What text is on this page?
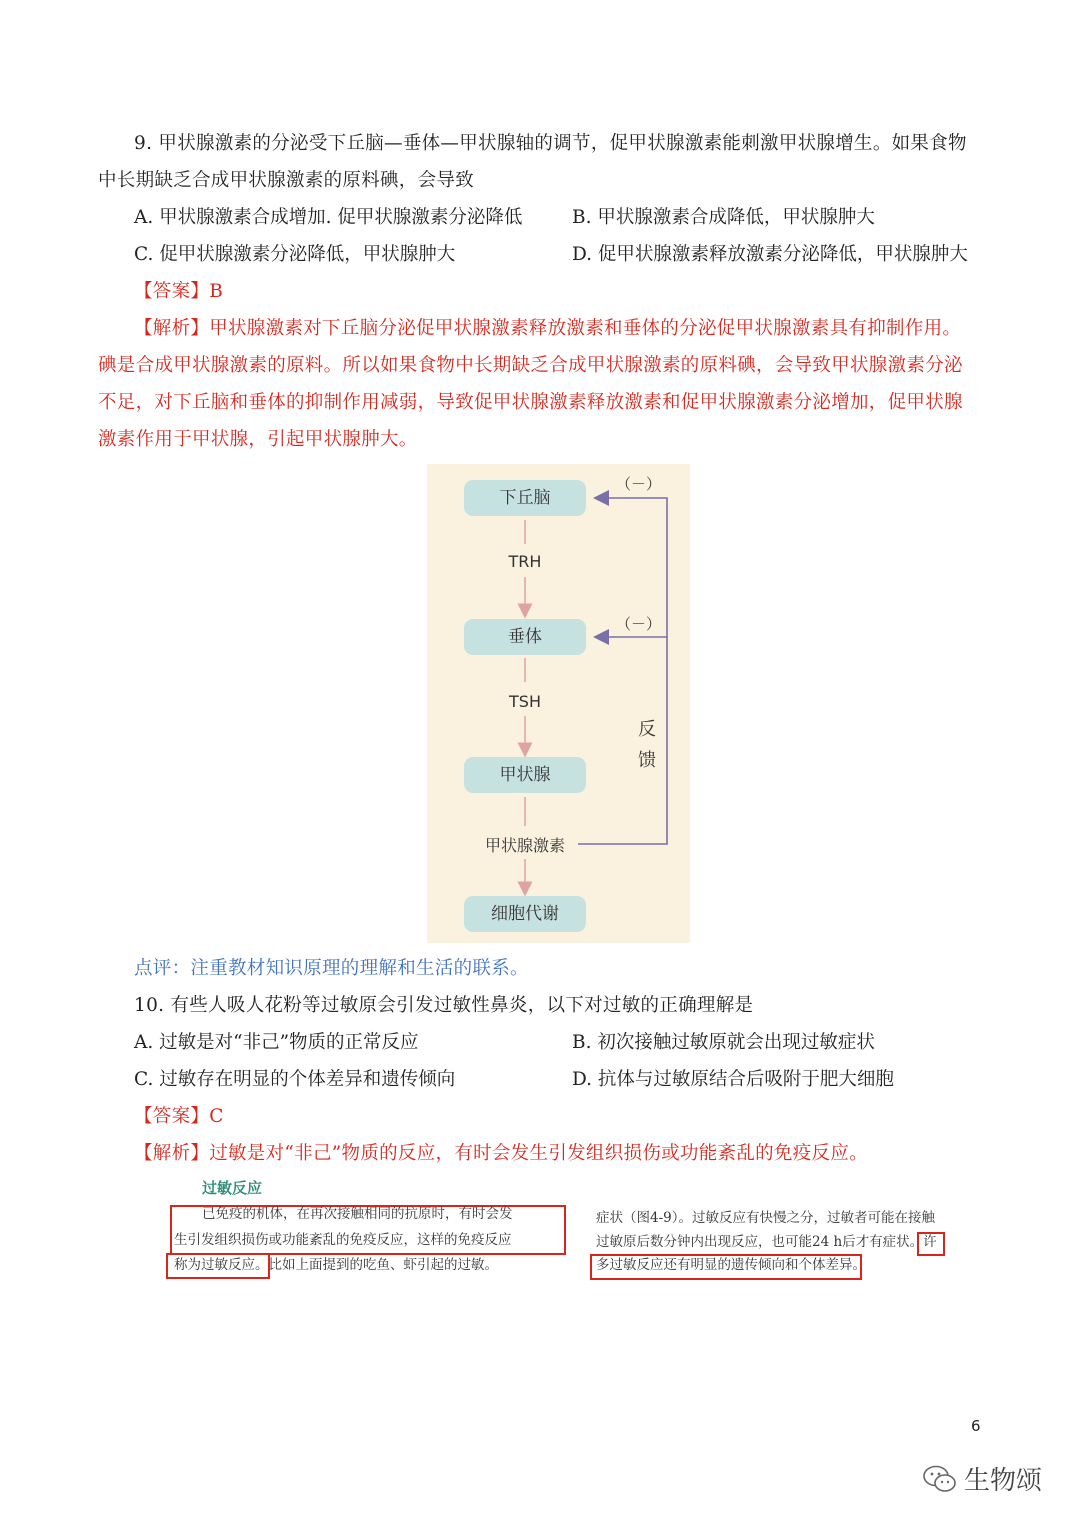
9. 甲状腺激素的分泌受下丘脑—垂体—甲状腺轴的调节，促甲状腺激素能刺激甲状腺增生。如果食物
中长期缺乏合成甲状腺激素的原料碘，会导致
A. 甲状腺激素合成增加. 促甲状腺激素分泌降低	B. 甲状腺激素合成降低，甲状腺肿大
C. 促甲状腺激素分泌降低，甲状腺肿大	D. 促甲状腺激素释放激素分泌降低，甲状腺肿大
【答案】B
【解析】甲状腺激素对下丘脑分泌促甲状腺激素释放激素和垂体的分泌促甲状腺激素具有抑制作用。
碘是合成甲状腺激素的原料。所以如果食物中长期缺乏合成甲状腺激素的原料碘，会导致甲状腺激素分泌
不足，对下丘脑和垂体的抑制作用减弱，导致促甲状腺激素释放激素和促甲状腺激素分泌增加，促甲状腺
激素作用于甲状腺，引起甲状腺肿大。
下丘脑
TRH
垂体
TSH
甲状腺
甲状腺激素
细胞代谢
（－）
（－）
反
馈
点评：注重教材知识原理的理解和生活的联系。
10. 有些人吸人花粉等过敏原会引发过敏性鼻炎，以下对过敏的正确理解是
A. 过敏是对“非己”物质的正常反应	B. 初次接触过敏原就会出现过敏症状
C. 过敏存在明显的个体差异和遗传倾向	D. 抗体与过敏原结合后吸附于肥大细胞
【答案】C
【解析】过敏是对“非己”物质的反应，有时会发生引发组织损伤或功能紊乱的免疫反应。
过敏反应
已免疫的机体，在再次接触相同的抗原时，有时会发
生引发组织损伤或功能紊乱的免疫反应，这样的免疫反应
称为过敏反应。比如上面提到的吃鱼、虾引起的过敏。
症状（图4-9）。过敏反应有快慢之分，过敏者可能在接触
过敏原后数分钟内出现反应，也可能24 h后才有症状。许
多过敏反应还有明显的遗传倾向和个体差异。
6
生物颂
